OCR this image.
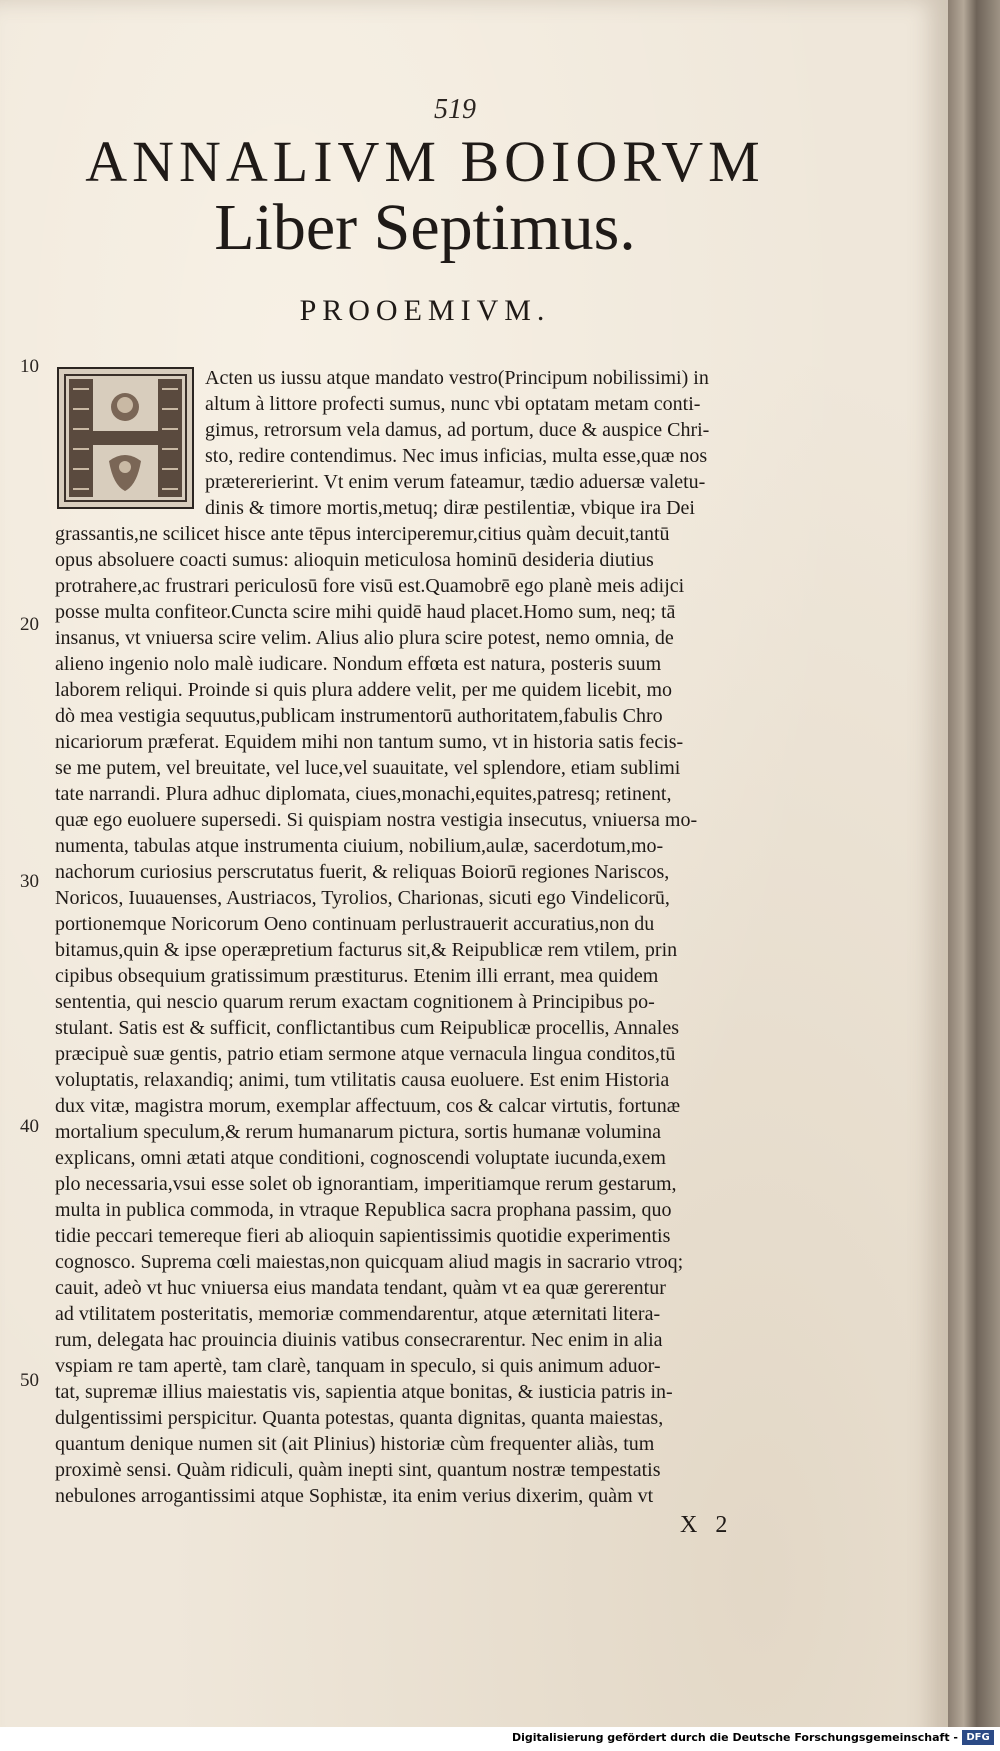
519
ANNALIVM BOIORVM
Liber Septimus.
PROOEMIVM.
10
20
30
40
50
Acten us iussu atque mandato vestro(Principum nobilissimi) in
altum à littore profecti sumus, nunc vbi optatam metam conti-
gimus, retrorsum vela damus, ad portum, duce & auspice Chri-
sto, redire contendimus. Nec imus inficias, multa esse,quæ nos
prætererierint. Vt enim verum fateamur, tædio aduersæ valetu-
dinis & timore mortis,metuq; diræ pestilentiæ, vbique ira Dei
grassantis,ne scilicet hisce ante tēpus interciperemur,citius quàm decuit,tantū
opus absoluere coacti sumus: alioquin meticulosa hominū desideria diutius
protrahere,ac frustrari periculosū fore visū est.Quamobrē ego planè meis adijci
posse multa confiteor.Cuncta scire mihi quidē haud placet.Homo sum, neq; tā
insanus, vt vniuersa scire velim. Alius alio plura scire potest, nemo omnia, de
alieno ingenio nolo malè iudicare. Nondum effœta est natura, posteris suum
laborem reliqui. Proinde si quis plura addere velit, per me quidem licebit, mo
dò mea vestigia sequutus,publicam instrumentorū authoritatem,fabulis Chro
nicariorum præferat. Equidem mihi non tantum sumo, vt in historia satis fecis-
se me putem, vel breuitate, vel luce,vel suauitate, vel splendore, etiam sublimi
tate narrandi. Plura adhuc diplomata, ciues,monachi,equites,patresq; retinent,
quæ ego euoluere supersedi. Si quispiam nostra vestigia insecutus, vniuersa mo-
numenta, tabulas atque instrumenta ciuium, nobilium,aulæ, sacerdotum,mo-
nachorum curiosius perscrutatus fuerit, & reliquas Boiorū regiones Nariscos,
Noricos, Iuuauenses, Austriacos, Tyrolios, Charionas, sicuti ego Vindelicorū,
portionemque Noricorum Oeno continuam perlustrauerit accuratius,non du
bitamus,quin & ipse operæpretium facturus sit,& Reipublicæ rem vtilem, prin
cipibus obsequium gratissimum præstiturus. Etenim illi errant, mea quidem
sententia, qui nescio quarum rerum exactam cognitionem à Principibus po-
stulant. Satis est & sufficit, conflictantibus cum Reipublicæ procellis, Annales
præcipuè suæ gentis, patrio etiam sermone atque vernacula lingua conditos,tū
voluptatis, relaxandiq; animi, tum vtilitatis causa euoluere. Est enim Historia
dux vitæ, magistra morum, exemplar affectuum, cos & calcar virtutis, fortunæ
mortalium speculum,& rerum humanarum pictura, sortis humanæ volumina
explicans, omni ætati atque conditioni, cognoscendi voluptate iucunda,exem
plo necessaria,vsui esse solet ob ignorantiam, imperitiamque rerum gestarum,
multa in publica commoda, in vtraque Republica sacra prophana passim, quo
tidie peccari temereque fieri ab alioquin sapientissimis quotidie experimentis
cognosco. Suprema cœli maiestas,non quicquam aliud magis in sacrario vtroq;
cauit, adeò vt huc vniuersa eius mandata tendant, quàm vt ea quæ gererentur
ad vtilitatem posteritatis, memoriæ commendarentur, atque æternitati litera-
rum, delegata hac prouincia diuinis vatibus consecrarentur. Nec enim in alia
vspiam re tam apertè, tam clarè, tanquam in speculo, si quis animum aduor-
tat, supremæ illius maiestatis vis, sapientia atque bonitas, & iusticia patris in-
dulgentissimi perspicitur. Quanta potestas, quanta dignitas, quanta maiestas,
quantum denique numen sit (ait Plinius) historiæ cùm frequenter aliàs, tum
proximè sensi. Quàm ridiculi, quàm inepti sint, quantum nostræ tempestatis
nebulones arrogantissimi atque Sophistæ, ita enim verius dixerim, quàm vt
X 2
Digitalisierung gefördert durch die Deutsche Forschungsgemeinschaft - DFG
